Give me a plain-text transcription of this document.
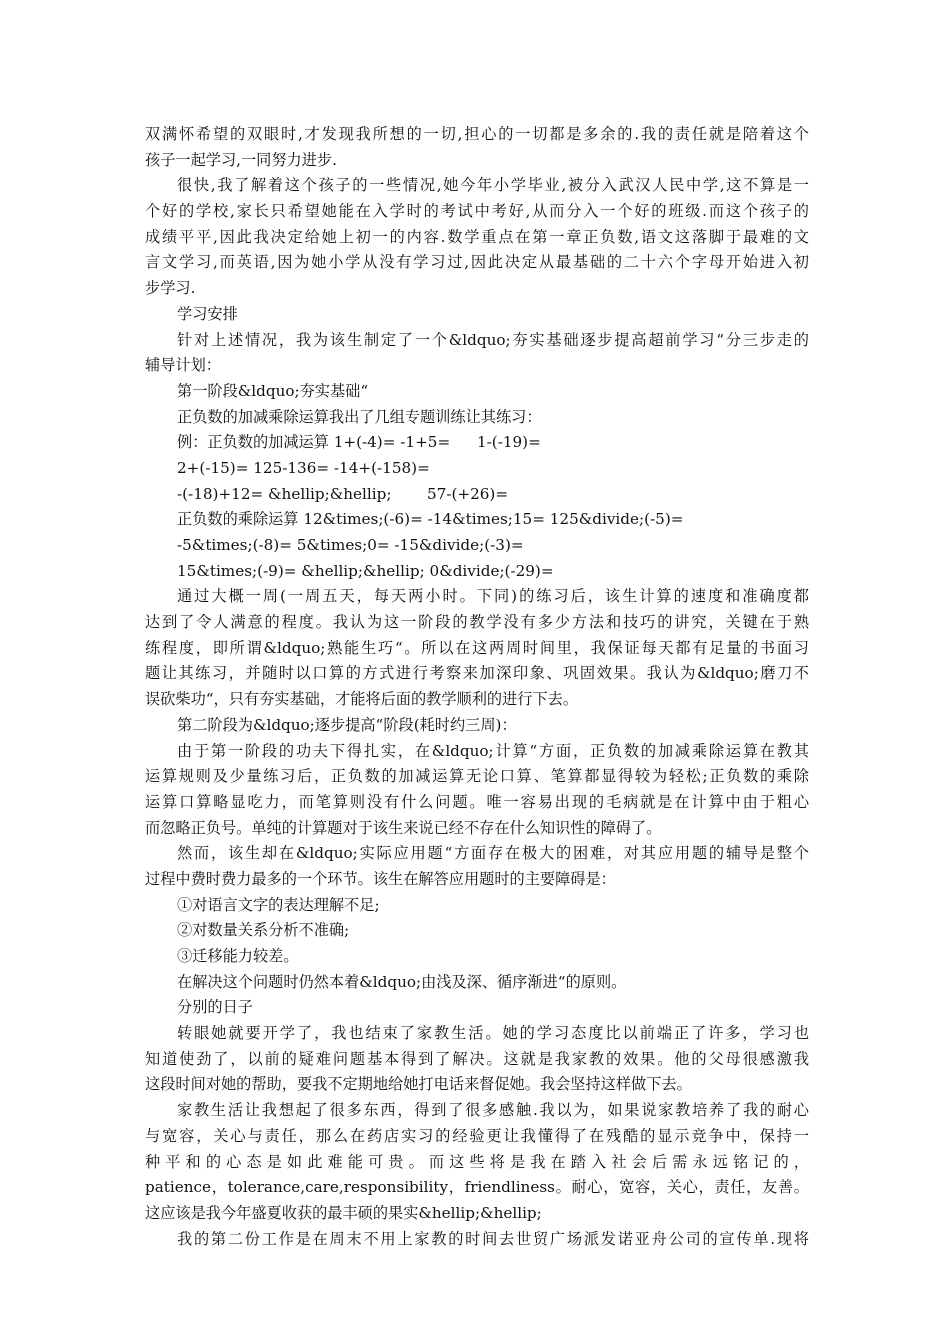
双满怀希望的双眼时,才发现我所想的一切,担心的一切都是多余的.我的责任就是陪着这个
孩子一起学习,一同努力进步.
很快,我了解着这个孩子的一些情况,她今年小学毕业,被分入武汉人民中学,这不算是一
个好的学校,家长只希望她能在入学时的考试中考好,从而分入一个好的班级.而这个孩子的
成绩平平,因此我决定给她上初一的内容.数学重点在第一章正负数,语文这落脚于最难的文
言文学习,而英语,因为她小学从没有学习过,因此决定从最基础的二十六个字母开始进入初
步学习.
学习安排
针对上述情况，我为该生制定了一个&ldquo;夯实基础逐步提高超前学习“分三步走的
辅导计划：
第一阶段&ldquo;夯实基础“
正负数的加减乘除运算我出了几组专题训练让其练习：
例：正负数的加减运算 1+(-4)= -1+5= 1-(-19)=
2+(-15)= 125-136= -14+(-158)=
-(-18)+12= &hellip;&hellip; 57-(+26)=
正负数的乘除运算 12&times;(-6)= -14&times;15= 125&divide;(-5)=
-5&times;(-8)= 5&times;0= -15&divide;(-3)=
15&times;(-9)= &hellip;&hellip; 0&divide;(-29)=
通过大概一周(一周五天，每天两小时。下同)的练习后，该生计算的速度和准确度都
达到了令人满意的程度。我认为这一阶段的教学没有多少方法和技巧的讲究，关键在于熟
练程度，即所谓&ldquo;熟能生巧“。所以在这两周时间里，我保证每天都有足量的书面习
题让其练习，并随时以口算的方式进行考察来加深印象、巩固效果。我认为&ldquo;磨刀不
误砍柴功“，只有夯实基础，才能将后面的教学顺利的进行下去。
第二阶段为&ldquo;逐步提高“阶段(耗时约三周)：
由于第一阶段的功夫下得扎实，在&ldquo;计算“方面，正负数的加减乘除运算在教其
运算规则及少量练习后，正负数的加减运算无论口算、笔算都显得较为轻松;正负数的乘除
运算口算略显吃力，而笔算则没有什么问题。唯一容易出现的毛病就是在计算中由于粗心
而忽略正负号。单纯的计算题对于该生来说已经不存在什么知识性的障碍了。
然而，该生却在&ldquo;实际应用题“方面存在极大的困难，对其应用题的辅导是整个
过程中费时费力最多的一个环节。该生在解答应用题时的主要障碍是：
①对语言文字的表达理解不足;
②对数量关系分析不准确;
③迁移能力较差。
在解决这个问题时仍然本着&ldquo;由浅及深、循序渐进“的原则。
分别的日子
转眼她就要开学了，我也结束了家教生活。她的学习态度比以前端正了许多，学习也
知道使劲了，以前的疑难问题基本得到了解决。这就是我家教的效果。他的父母很感激我
这段时间对她的帮助，要我不定期地给她打电话来督促她。我会坚持这样做下去。
家教生活让我想起了很多东西，得到了很多感触.我以为，如果说家教培养了我的耐心
与宽容，关心与责任，那么在药店实习的经验更让我懂得了在残酷的显示竞争中，保持一
种 平 和 的 心 态 是 如 此 难 能 可 贵 。 而 这 些 将 是 我 在 踏 入 社 会 后 需 永 远 铭 记 的 ，
patience，tolerance,care,responsibility，friendliness。耐心，宽容，关心，责任，友善。
这应该是我今年盛夏收获的最丰硕的果实&hellip;&hellip;
我的第二份工作是在周末不用上家教的时间去世贸广场派发诺亚舟公司的宣传单.现将
